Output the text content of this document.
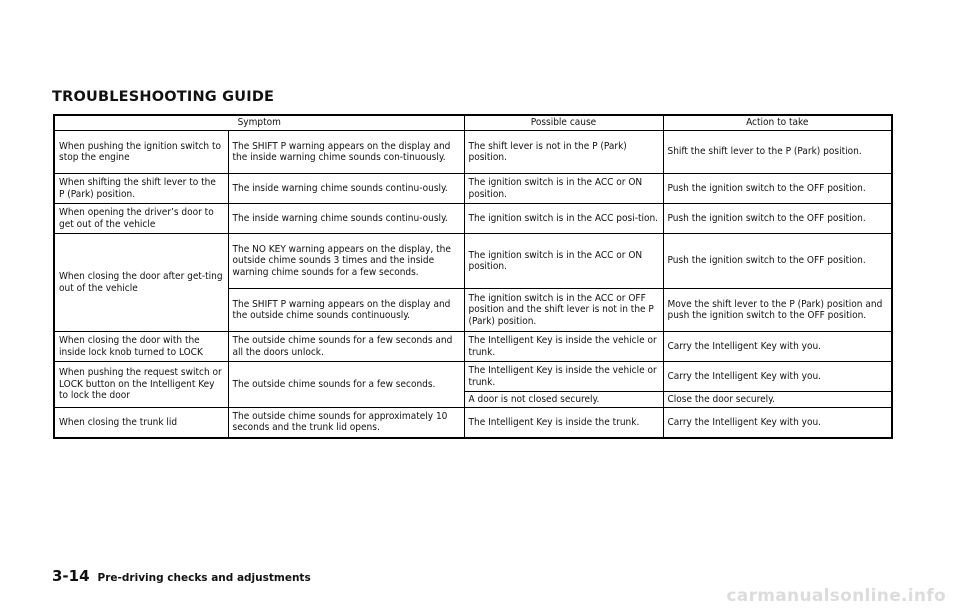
TROUBLESHOOTING GUIDE
Symptom		Possible cause	Action to take
When pushing the ignition switch to stop the engine	The SHIFT P warning appears on the display and the inside warning chime sounds con-tinuously.	The shift lever is not in the P (Park) position.	Shift the shift lever to the P (Park) position.
When shifting the shift lever to the P (Park) position.	The inside warning chime sounds continu-ously.	The ignition switch is in the ACC or ON position.	Push the ignition switch to the OFF position.
When opening the driver’s door to get out of the vehicle	The inside warning chime sounds continu-ously.	The ignition switch is in the ACC posi-tion.	Push the ignition switch to the OFF position.
When closing the door after get-ting out of the vehicle	The NO KEY warning appears on the display, the outside chime sounds 3 times and the inside warning chime sounds for a few seconds.	The ignition switch is in the ACC or ON position.	Push the ignition switch to the OFF position.
	The SHIFT P warning appears on the display and the outside chime sounds continuously.	The ignition switch is in the ACC or OFF position and the shift lever is not in the P (Park) position.	Move the shift lever to the P (Park) position and push the ignition switch to the OFF position.
When closing the door with the inside lock knob turned to LOCK	The outside chime sounds for a few seconds and all the doors unlock.	The Intelligent Key is inside the vehicle or trunk.	Carry the Intelligent Key with you.
When pushing the request switch or LOCK button on the Intelligent Key to lock the door	The outside chime sounds for a few seconds.	The Intelligent Key is inside the vehicle or trunk.	Carry the Intelligent Key with you.
		A door is not closed securely.	Close the door securely.
When closing the trunk lid	The outside chime sounds for approximately 10 seconds and the trunk lid opens.	The Intelligent Key is inside the trunk.	Carry the Intelligent Key with you.
3-14 Pre-driving checks and adjustments
carmanualsonline.info
